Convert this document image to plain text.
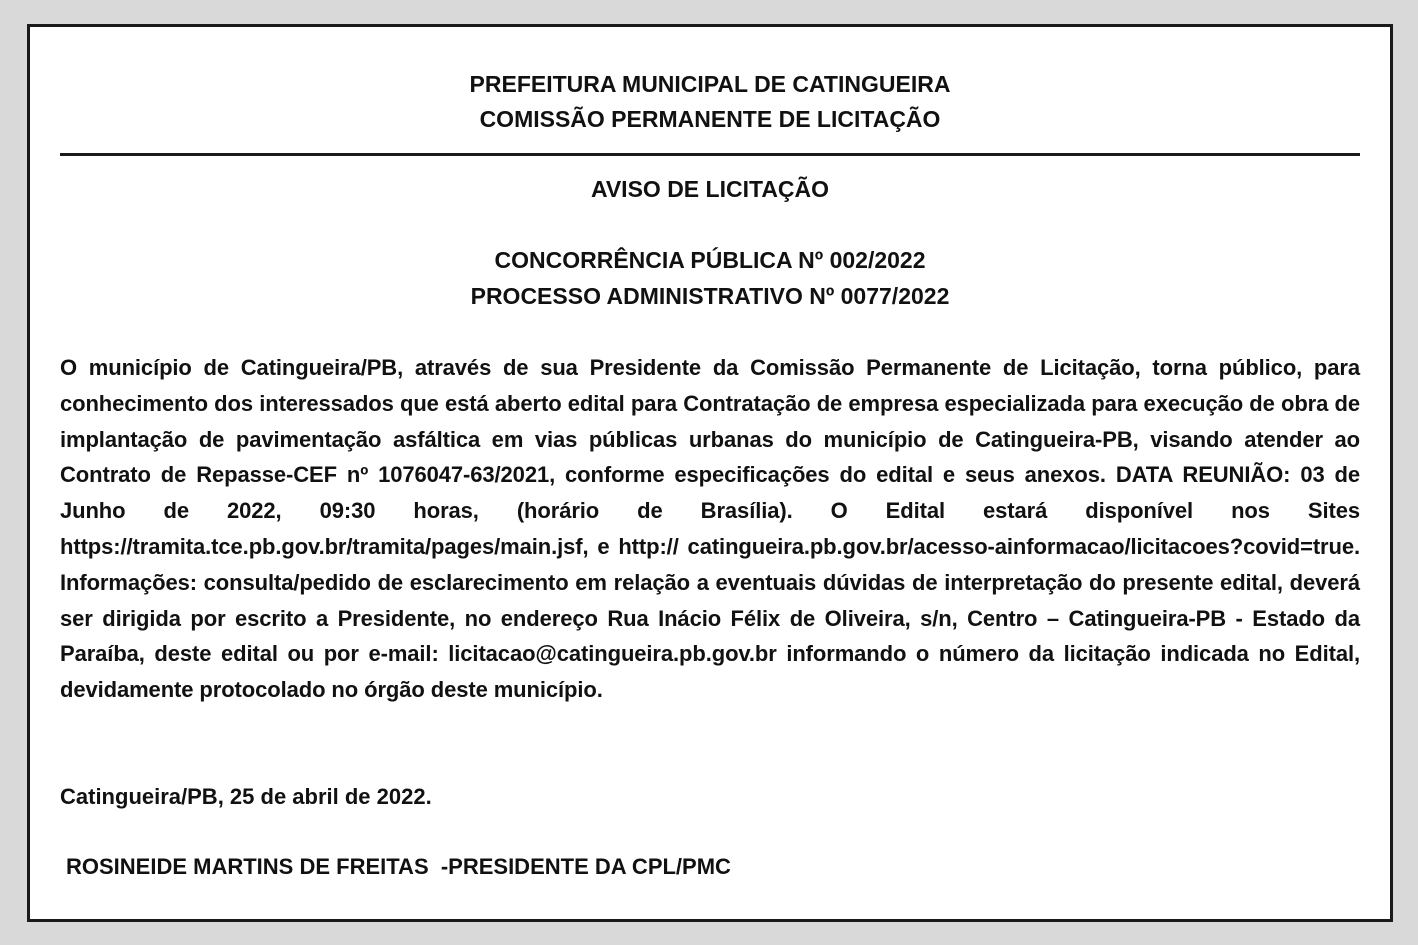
PREFEITURA MUNICIPAL DE CATINGUEIRA
COMISSÃO PERMANENTE DE LICITAÇÃO
AVISO DE LICITAÇÃO
CONCORRÊNCIA PÚBLICA Nº 002/2022
PROCESSO ADMINISTRATIVO Nº 0077/2022
O município de Catingueira/PB, através de sua Presidente da Comissão Permanente de Licitação, torna público, para conhecimento dos interessados que está aberto edital para Contratação de empresa especializada para execução de obra de implantação de pavimentação asfáltica em vias públicas urbanas do município de Catingueira-PB, visando atender ao Contrato de Repasse-CEF nº 1076047-63/2021, conforme especificações do edital e seus anexos. DATA REUNIÃO: 03 de Junho de 2022, 09:30 horas, (horário de Brasília). O Edital estará disponível nos Sites https://tramita.tce.pb.gov.br/tramita/pages/main.jsf, e http:// catingueira.pb.gov.br/acesso-ainformacao/licitacoes?covid=true. Informações: consulta/pedido de esclarecimento em relação a eventuais dúvidas de interpretação do presente edital, deverá ser dirigida por escrito a Presidente, no endereço Rua Inácio Félix de Oliveira, s/n, Centro – Catingueira-PB - Estado da Paraíba, deste edital ou por e-mail: licitacao@catingueira.pb.gov.br informando o número da licitação indicada no Edital, devidamente protocolado no órgão deste município.
Catingueira/PB, 25 de abril de 2022.
ROSINEIDE MARTINS DE FREITAS  -PRESIDENTE DA CPL/PMC
